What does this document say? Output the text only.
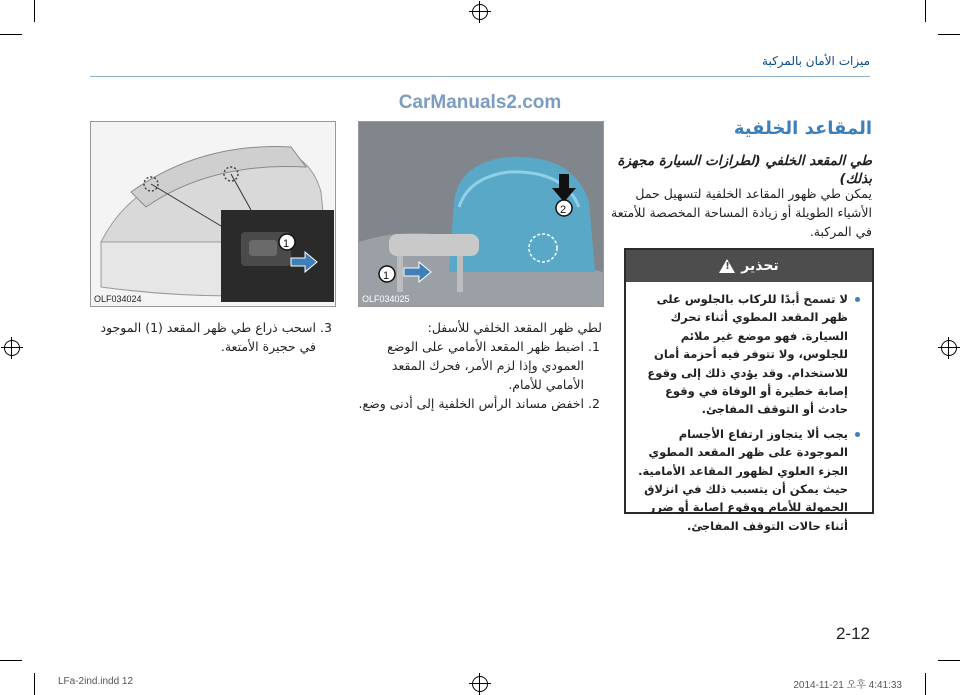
ميزات الأمان بالمركبة
CarManuals2.com
المقاعد الخلفية
طي المقعد الخلفي (لطرازات السيارة مجهزة بذلك)
يمكن طي ظهور المقاعد الخلفية لتسهيل حمل الأشياء الطويلة أو زيادة المساحة المخصصة للأمتعة في المركبة.
تحذير
!
لا تسمح أبدًا للركاب بالجلوس على ظهر المقعد المطوي أثناء تحرك السيارة. فهو موضع غير ملائم للجلوس، ولا تتوفر فيه أحزمة أمان للاستخدام. وقد يؤدي ذلك إلى وقوع إصابة خطيرة أو الوفاة في وقوع حادث أو التوقف المفاجئ.
يجب ألا يتجاوز ارتفاع الأجسام الموجودة على ظهر المقعد المطوي الجزء العلوي لظهور المقاعد الأمامية. حيث يمكن أن يتسبب ذلك في انزلاق الحمولة للأمام ووقوع إصابة أو ضرر أثناء حالات التوقف المفاجئ.
2
1
OLF034025
1
OLF034024
لطي ظهر المقعد الخلفي للأسفل:
1. اضبط ظهر المقعد الأمامي على الوضع العمودي وإذا لزم الأمر، فحرك المقعد الأمامي للأمام.
2. اخفض مساند الرأس الخلفية إلى أدنى وضع.
3. اسحب ذراع طي ظهر المقعد (1) الموجود في حجيرة الأمتعة.
2-12
LFa-2ind.indd 12	2014-11-21 오후 4:41:33
